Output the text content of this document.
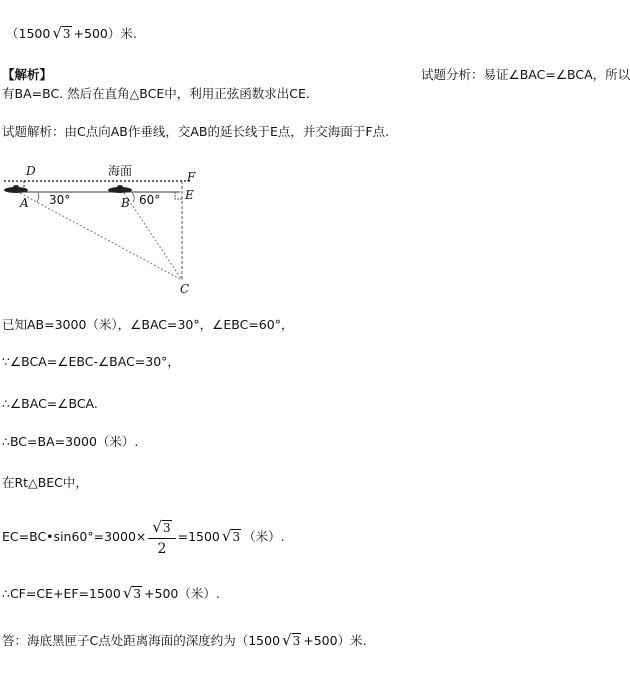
（1500 √3 +500）米.
【解析】	试题分析：易证∠BAC=∠BCA，所以
有BA=BC. 然后在直角△BCE中，利用正弦函数求出CE.
试题解析：由C点向AB作垂线，交AB的延长线于E点，并交海面于F点.
D
A	B
E
F
C
海面
30°	60°
已知AB=3000（米），∠BAC=30°，∠EBC=60°，
∵∠BCA=∠EBC-∠BAC=30°，
∴∠BAC=∠BCA.
∴BC=BA=3000（米）.
在Rt△BEC中，
EC=BC•sin60°=3000× $\frac{√3}{2} =1500$ √3 （米）.
∴CF=CE+EF=1500 √3 +500（米）.
答：海底黑匣子C点处距离海面的深度约为（1500 √3 +500）米.
